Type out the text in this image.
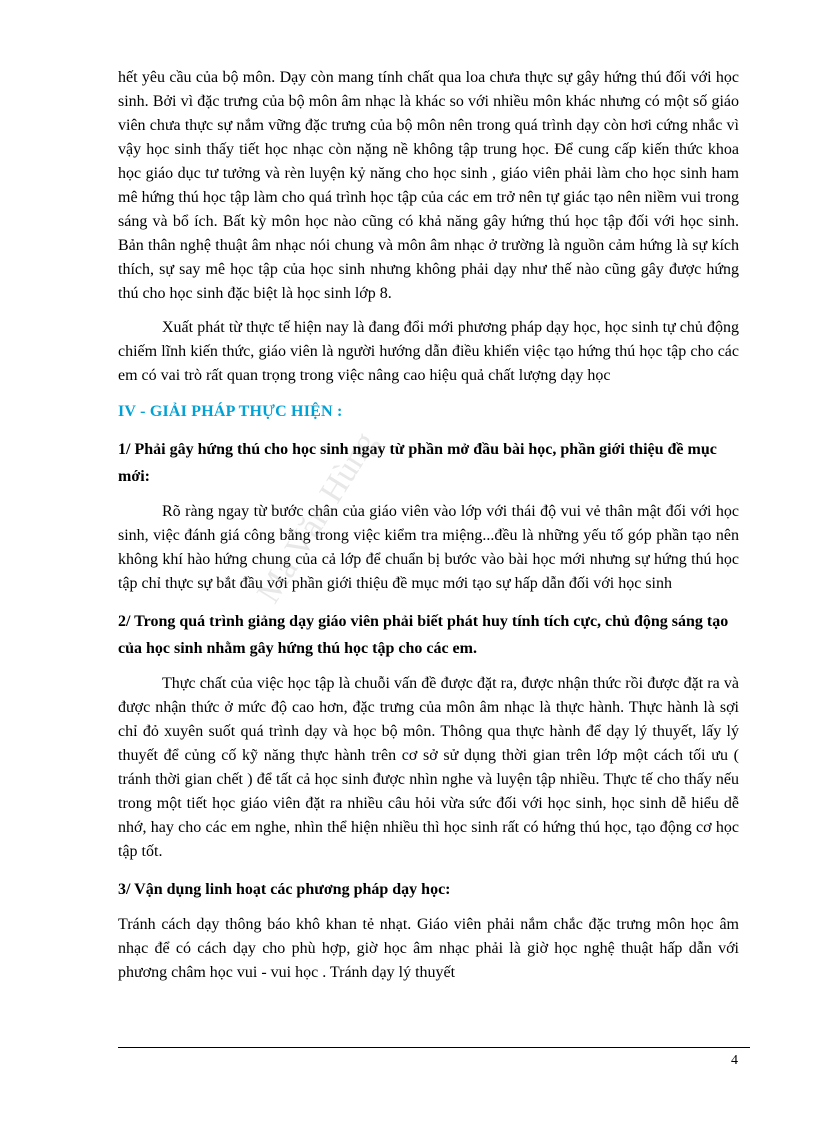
hết yêu cầu của bộ môn. Dạy còn mang tính chất qua loa chưa thực sự gây hứng thú đối với học sinh. Bởi vì đặc trưng của bộ môn âm nhạc là khác so với nhiều môn khác nhưng có một số giáo viên chưa thực sự nắm vững đặc trưng của bộ môn nên trong quá trình dạy còn hơi cứng nhắc vì vậy học sinh thấy tiết học nhạc còn nặng nề không tập trung học. Để cung cấp kiến thức khoa học giáo dục tư tưởng và rèn luyện kỷ năng cho học sinh , giáo viên phải làm cho học sinh ham mê hứng thú học tập làm cho quá trình học tập của các em trở nên tự giác tạo nên niềm vui trong sáng và bổ ích. Bất kỳ môn học nào cũng có khả năng gây hứng thú học tập đối với học sinh. Bản thân nghệ thuật âm nhạc nói chung và môn âm nhạc ở trường là nguồn cảm hứng là sự kích thích, sự say mê học tập của học sinh nhưng không phải dạy như thế nào cũng gây được hứng thú cho học sinh đặc biệt là học sinh lớp 8.

Xuất phát từ thực tế hiện nay là đang đổi mới phương pháp dạy học, học sinh tự chủ động chiếm lĩnh kiến thức, giáo viên là người hướng dẫn điều khiển việc tạo hứng thú học tập cho các em có vai trò rất quan trọng trong việc nâng cao hiệu quả chất lượng dạy học

IV - GIẢI PHÁP THỰC HIỆN :

1/ Phải gây hứng thú cho học sinh ngay từ phần mở đầu bài học, phần giới thiệu đề mục mới:

Rõ ràng ngay từ bước chân của giáo viên vào lớp với thái độ vui vẻ thân mật đối với học sinh, việc đánh giá công bằng trong việc kiểm tra miệng...đều là những yếu tố góp phần tạo nên không khí hào hứng chung của cả lớp để chuẩn bị bước vào bài học mới nhưng sự hứng thú học tập chỉ thực sự bắt đầu với phần giới thiệu đề mục mới tạo sự hấp dẫn đối với học sinh

2/ Trong quá trình giảng dạy giáo viên phải biết phát huy tính tích cực, chủ động sáng tạo của học sinh nhằm gây hứng thú học tập cho các em.

Thực chất của việc học tập là chuỗi vấn đề được đặt ra, được nhận thức rồi được đặt ra và được nhận thức ở mức độ cao hơn, đặc trưng của môn âm nhạc là thực hành. Thực hành là sợi chỉ đỏ xuyên suốt quá trình dạy và học bộ môn. Thông qua thực hành để dạy lý thuyết, lấy lý thuyết để củng cố kỹ năng thực hành trên cơ sở sử dụng thời gian trên lớp một cách tối ưu ( tránh thời gian chết ) để tất cả học sinh được nhìn nghe và luyện tập nhiều. Thực tế cho thấy nếu trong một tiết học giáo viên đặt ra nhiều câu hỏi vừa sức đối với học sinh, học sinh dễ hiểu dễ nhớ, hay cho các em nghe, nhìn thể hiện nhiều thì học sinh rất có hứng thú học, tạo động cơ học tập tốt.

3/ Vận dụng linh hoạt các phương pháp dạy học:

Tránh cách dạy thông báo khô khan tẻ nhạt. Giáo viên phải nắm chắc đặc trưng môn học âm nhạc để có cách dạy cho phù hợp, giờ học âm nhạc phải là giờ học nghệ thuật hấp dẫn với phương châm học vui - vui học . Tránh dạy lý thuyết

Ma Văn Hùng
4
